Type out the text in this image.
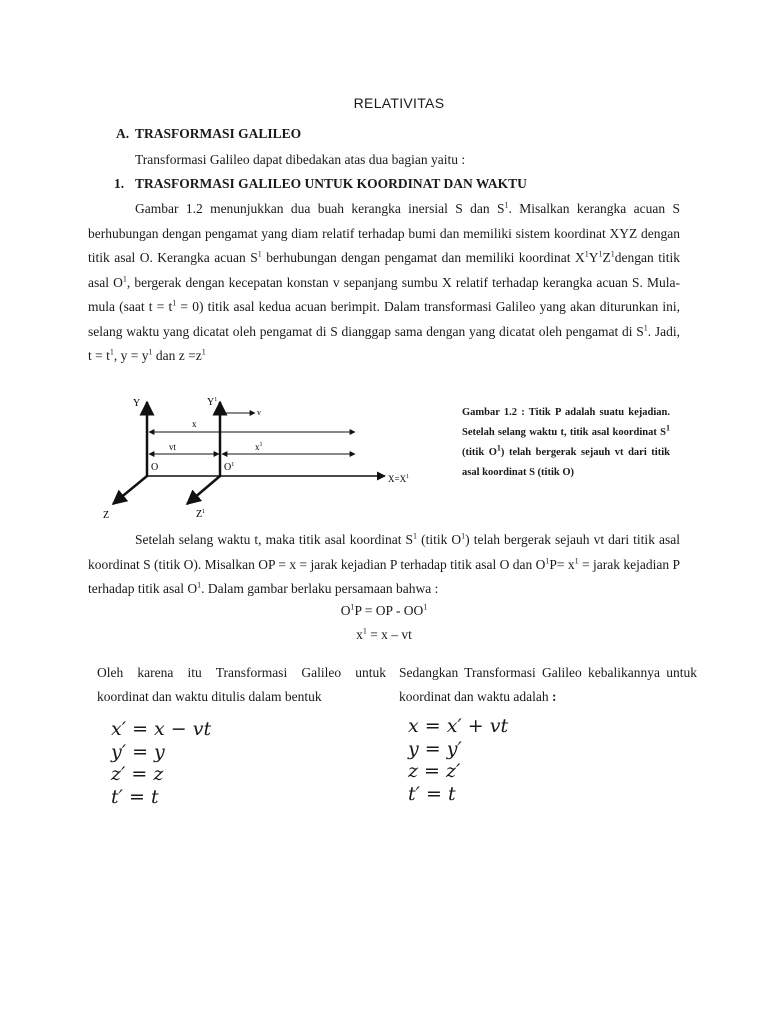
RELATIVITAS
A. TRASFORMASI GALILEO
Transformasi Galileo dapat dibedakan atas dua bagian yaitu :
1. TRASFORMASI GALILEO UNTUK KOORDINAT DAN WAKTU
Gambar 1.2 menunjukkan dua buah kerangka inersial S dan $S^1$. Misalkan kerangka acuan S berhubungan dengan pengamat yang diam relatif terhadap bumi dan memiliki sistem koordinat XYZ dengan titik asal O. Kerangka acuan $S^1$ berhubungan dengan pengamat dan memiliki koordinat $X^1Y^1Z^1dengan$ titik asal $O^1$, bergerak dengan kecepatan konstan v sepanjang sumbu X relatif terhadap kerangka acuan S. Mula-mula (saat $t = t^1 = 0$) titik asal kedua acuan berimpit. Dalam transformasi Galileo yang akan diturunkan ini, selang waktu yang dicatat oleh pengamat di S dianggap sama dengan yang dicatat oleh pengamat di $S^1$. Jadi, $t = t^1$, $y = y^1$ dan $z =z^1$
Y	$Y^1$
v
x
vt	$x^1$
O	$O^1$
$X=X^1$
Z	$Z^1$
Gambar 1.2 : Titik P adalah suatu kejadian. Setelah selang waktu t, titik asal koordinat $S^1$ (titik $O^1$) telah bergerak sejauh vt dari titik asal koordinat S (titik O)
Setelah selang waktu t, maka titik asal koordinat $S^1$ (titik $O^1$) telah bergerak sejauh vt dari titik asal koordinat S (titik O). Misalkan OP = x = jarak kejadian P terhadap titik asal O dan $O^1P= x^1$ = jarak kejadian P terhadap titik asal $O^1$. Dalam gambar berlaku persamaan bahwa :
$O^1P$ = OP - $OO^1$
$x^1 = x$ – vt
Oleh karena itu Transformasi Galileo untuk koordinat dan waktu ditulis dalam bentuk
Sedangkan Transformasi Galileo kebalikannya untuk koordinat dan waktu adalah :
x′ = x − vt
y′ = y
z′ = z
t′ = t
x = x′ + vt
y = y′
z = z′
t′ = t
